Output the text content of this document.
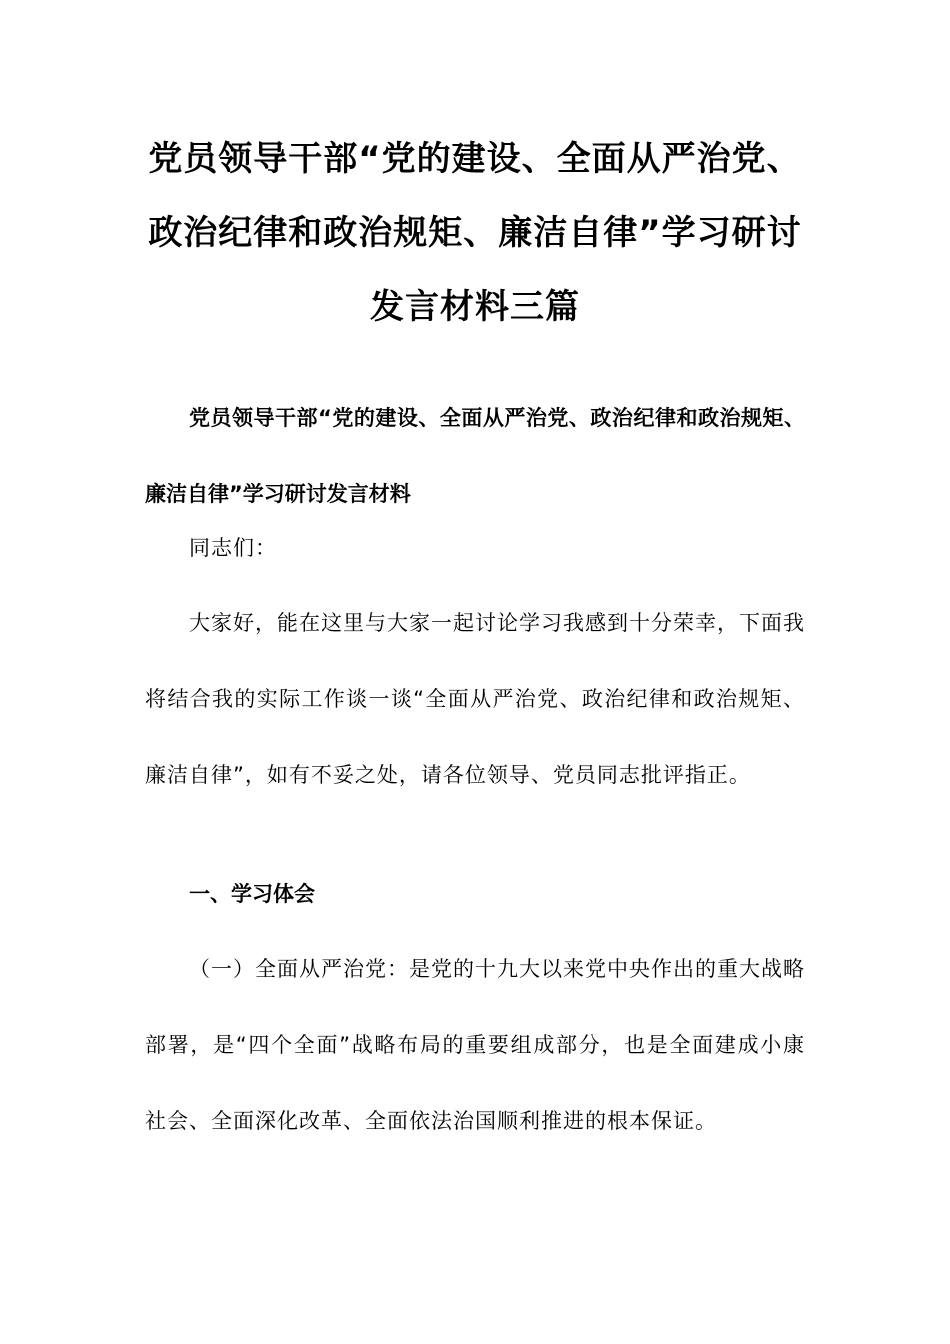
党员领导干部“党的建设、全面从严治党、政治纪律和政治规矩、廉洁自律”学习研讨发言材料三篇

党员领导干部“党的建设、全面从严治党、政治纪律和政治规矩、廉洁自律”学习研讨发言材料

同志们：

大家好，能在这里与大家一起讨论学习我感到十分荣幸，下面我将结合我的实际工作谈一谈“全面从严治党、政治纪律和政治规矩、廉洁自律”，如有不妥之处，请各位领导、党员同志批评指正。

一、学习体会

（一）全面从严治党：是党的十九大以来党中央作出的重大战略部署，是“四个全面”战略布局的重要组成部分，也是全面建成小康社会、全面深化改革、全面依法治国顺利推进的根本保证。
